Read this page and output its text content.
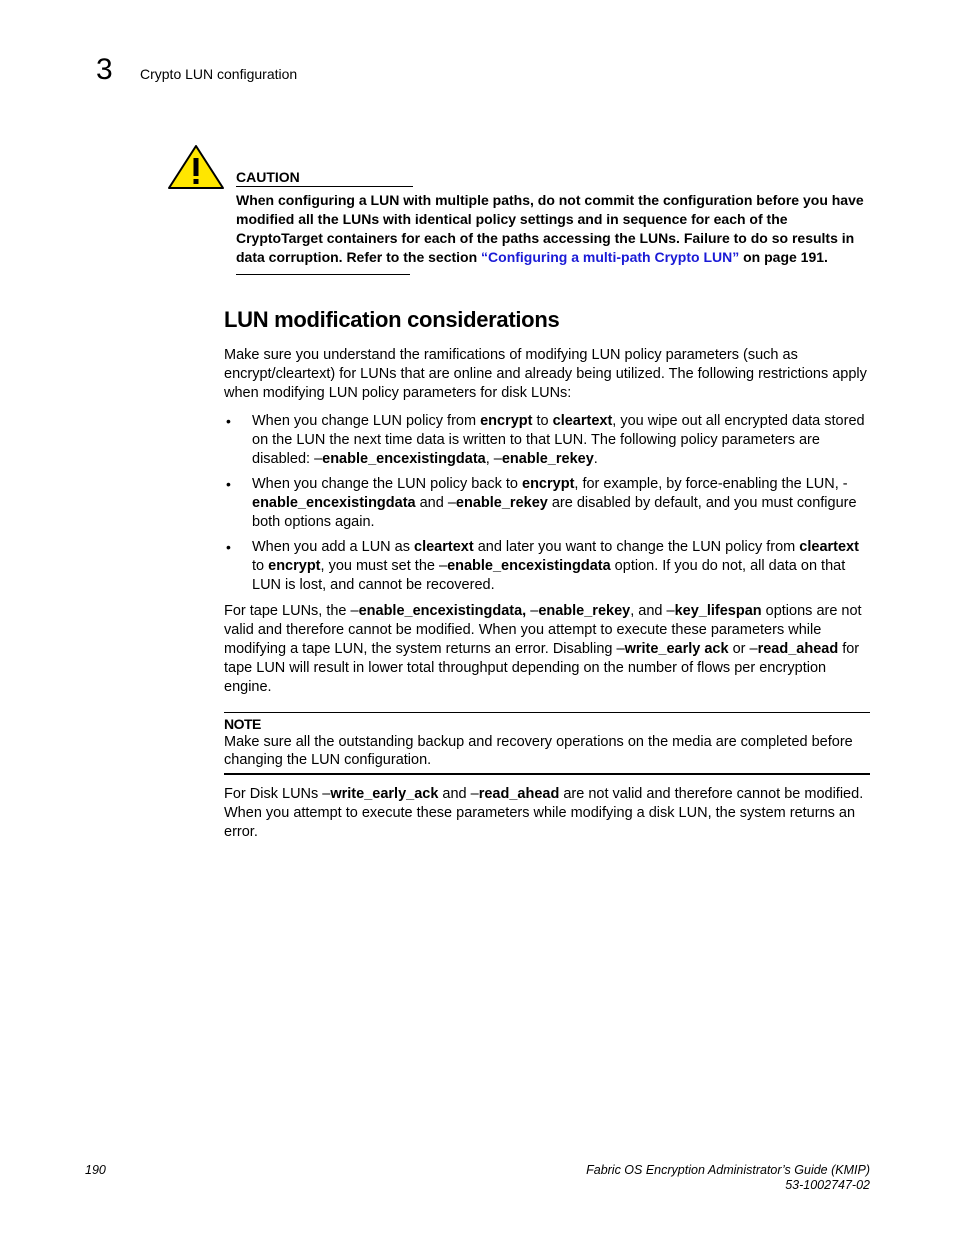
3 Crypto LUN configuration
CAUTION
When configuring a LUN with multiple paths, do not commit the configuration before you have modified all the LUNs with identical policy settings and in sequence for each of the CryptoTarget containers for each of the paths accessing the LUNs. Failure to do so results in data corruption. Refer to the section “Configuring a multi-path Crypto LUN” on page 191.
LUN modification considerations
Make sure you understand the ramifications of modifying LUN policy parameters (such as encrypt/cleartext) for LUNs that are online and already being utilized. The following restrictions apply when modifying LUN policy parameters for disk LUNs:
• When you change LUN policy from encrypt to cleartext, you wipe out all encrypted data stored on the LUN the next time data is written to that LUN. The following policy parameters are disabled: –enable_encexistingdata, –enable_rekey.
• When you change the LUN policy back to encrypt, for example, by force-enabling the LUN, -enable_encexistingdata and –enable_rekey are disabled by default, and you must configure both options again.
• When you add a LUN as cleartext and later you want to change the LUN policy from cleartext to encrypt, you must set the –enable_encexistingdata option. If you do not, all data on that LUN is lost, and cannot be recovered.
For tape LUNs, the –enable_encexistingdata, –enable_rekey, and –key_lifespan options are not valid and therefore cannot be modified. When you attempt to execute these parameters while modifying a tape LUN, the system returns an error. Disabling –write_early ack or –read_ahead for tape LUN will result in lower total throughput depending on the number of flows per encryption engine.
NOTE
Make sure all the outstanding backup and recovery operations on the media are completed before changing the LUN configuration.
For Disk LUNs –write_early_ack and –read_ahead are not valid and therefore cannot be modified. When you attempt to execute these parameters while modifying a disk LUN, the system returns an error.
190	Fabric OS Encryption Administrator’s Guide (KMIP)
53-1002747-02
